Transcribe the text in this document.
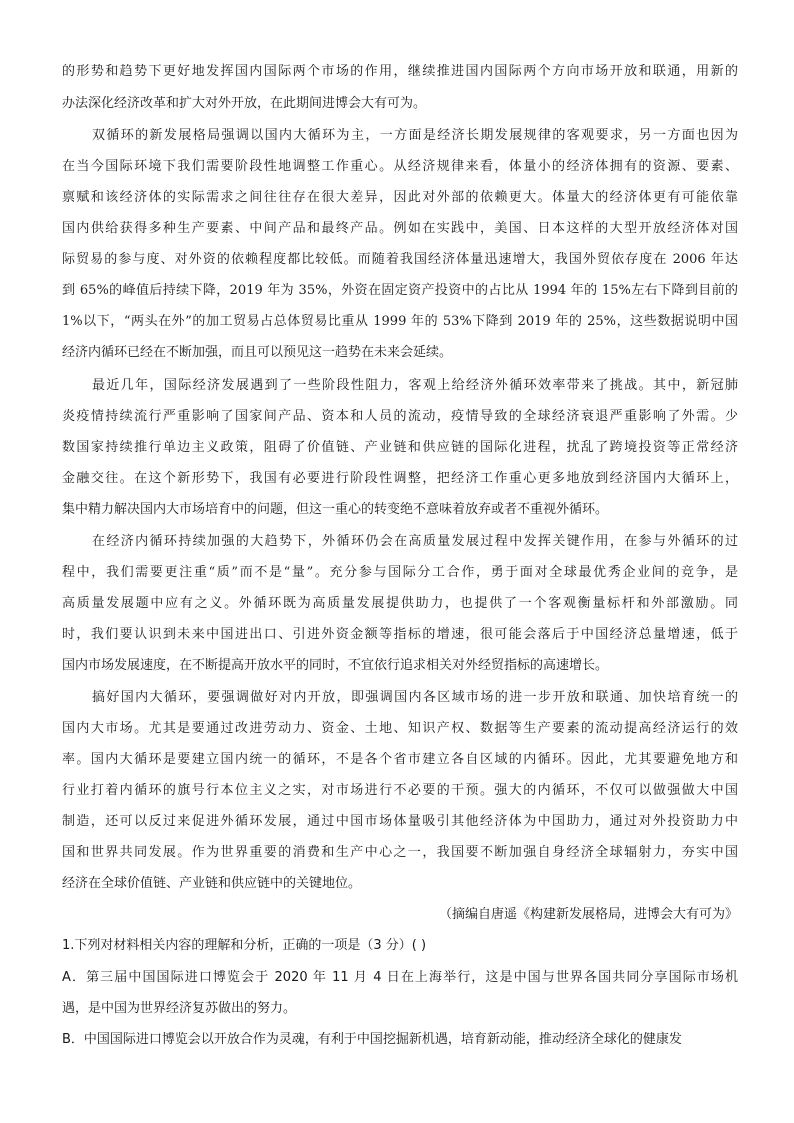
的形势和趋势下更好地发挥国内国际两个市场的作用，继续推进国内国际两个方向市场开放和联通，用新的

办法深化经济改革和扩大对外开放，在此期间进博会大有可为。

双循环的新发展格局强调以国内大循环为主，一方面是经济长期发展规律的客观要求，另一方面也因为

在当今国际环境下我们需要阶段性地调整工作重心。从经济规律来看，体量小的经济体拥有的资源、要素、

禀赋和该经济体的实际需求之间往往存在很大差异，因此对外部的依赖更大。体量大的经济体更有可能依靠

国内供给获得多种生产要素、中间产品和最终产品。例如在实践中，美国、日本这样的大型开放经济体对国

际贸易的参与度、对外资的依赖程度都比较低。而随着我国经济体量迅速增大，我国外贸依存度在 2006 年达

到 65%的峰值后持续下降，2019 年为 35%，外资在固定资产投资中的占比从 1994 年的 15%左右下降到目前的

1%以下，“两头在外”的加工贸易占总体贸易比重从 1999 年的 53%下降到 2019 年的 25%，这些数据说明中国

经济内循环已经在不断加强，而且可以预见这一趋势在未来会延续。

最近几年，国际经济发展遇到了一些阶段性阻力，客观上给经济外循环效率带来了挑战。其中，新冠肺

炎疫情持续流行严重影响了国家间产品、资本和人员的流动，疫情导致的全球经济衰退严重影响了外需。少

数国家持续推行单边主义政策，阻碍了价值链、产业链和供应链的国际化进程，扰乱了跨境投资等正常经济

金融交往。在这个新形势下，我国有必要进行阶段性调整，把经济工作重心更多地放到经济国内大循环上，

集中精力解决国内大市场培育中的问题，但这一重心的转变绝不意味着放弃或者不重视外循环。

在经济内循环持续加强的大趋势下，外循环仍会在高质量发展过程中发挥关键作用，在参与外循环的过

程中，我们需要更注重“质”而不是“量”。充分参与国际分工合作，勇于面对全球最优秀企业间的竞争，是

高质量发展题中应有之义。外循环既为高质量发展提供助力，也提供了一个客观衡量标杆和外部激励。同

时，我们要认识到未来中国进出口、引进外资金额等指标的增速，很可能会落后于中国经济总量增速，低于

国内市场发展速度，在不断提高开放水平的同时，不宜依行追求相关对外经贸指标的高速增长。

搞好国内大循环，要强调做好对内开放，即强调国内各区域市场的进一步开放和联通、加快培育统一的

国内大市场。尤其是要通过改进劳动力、资金、土地、知识产权、数据等生产要素的流动提高经济运行的效

率。国内大循环是要建立国内统一的循环，不是各个省市建立各自区域的内循环。因此，尤其要避免地方和

行业打着内循环的旗号行本位主义之实，对市场进行不必要的干预。强大的内循环，不仅可以做强做大中国

制造，还可以反过来促进外循环发展，通过中国市场体量吸引其他经济体为中国助力，通过对外投资助力中

国和世界共同发展。作为世界重要的消费和生产中心之一，我国要不断加强自身经济全球辐射力，夯实中国

经济在全球价值链、产业链和供应链中的关键地位。

（摘编自唐遥《构建新发展格局，进博会大有可为》
1.下列对材料相关内容的理解和分析，正确的一项是（3 分）( )
A．第三届中国国际进口博览会于 2020 年 11 月 4 日在上海举行，这是中国与世界各国共同分享国际市场机
遇，是中国为世界经济复苏做出的努力。
B．中国国际进口博览会以开放合作为灵魂，有利于中国挖掘新机遇，培育新动能，推动经济全球化的健康发
